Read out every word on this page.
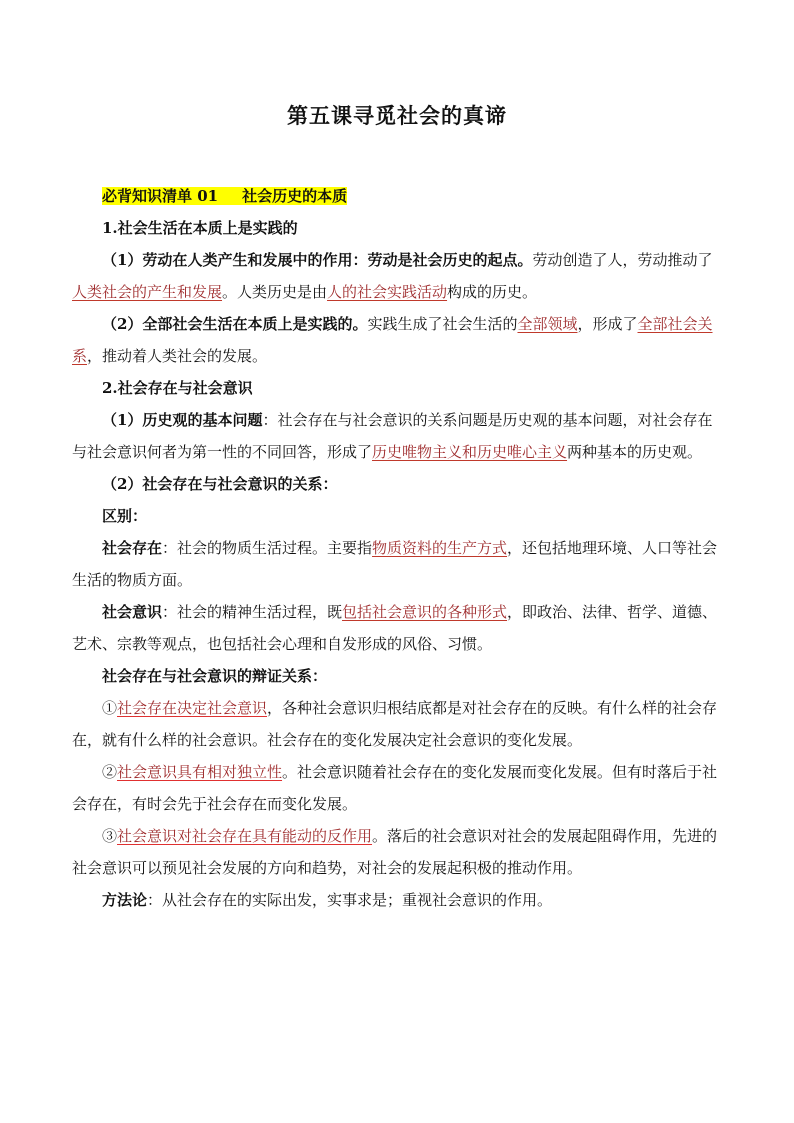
第五课寻觅社会的真谛

必背知识清单 01 社会历史的本质

1.社会生活在本质上是实践的

（1）劳动在人类产生和发展中的作用：劳动是社会历史的起点。劳动创造了人，劳动推动了人类社会的产生和发展。人类历史是由人的社会实践活动构成的历史。

（2）全部社会生活在本质上是实践的。实践生成了社会生活的全部领域，形成了全部社会关系，推动着人类社会的发展。

2.社会存在与社会意识

（1）历史观的基本问题：社会存在与社会意识的关系问题是历史观的基本问题，对社会存在与社会意识何者为第一性的不同回答，形成了历史唯物主义和历史唯心主义两种基本的历史观。

（2）社会存在与社会意识的关系：

区别：

社会存在：社会的物质生活过程。主要指物质资料的生产方式，还包括地理环境、人口等社会生活的物质方面。

社会意识：社会的精神生活过程，既包括社会意识的各种形式，即政治、法律、哲学、道德、艺术、宗教等观点，也包括社会心理和自发形成的风俗、习惯。

社会存在与社会意识的辩证关系：

①社会存在决定社会意识，各种社会意识归根结底都是对社会存在的反映。有什么样的社会存在，就有什么样的社会意识。社会存在的变化发展决定社会意识的变化发展。

②社会意识具有相对独立性。社会意识随着社会存在的变化发展而变化发展。但有时落后于社会存在，有时会先于社会存在而变化发展。

③社会意识对社会存在具有能动的反作用。落后的社会意识对社会的发展起阻碍作用，先进的社会意识可以预见社会发展的方向和趋势，对社会的发展起积极的推动作用。

方法论：从社会存在的实际出发，实事求是；重视社会意识的作用。
